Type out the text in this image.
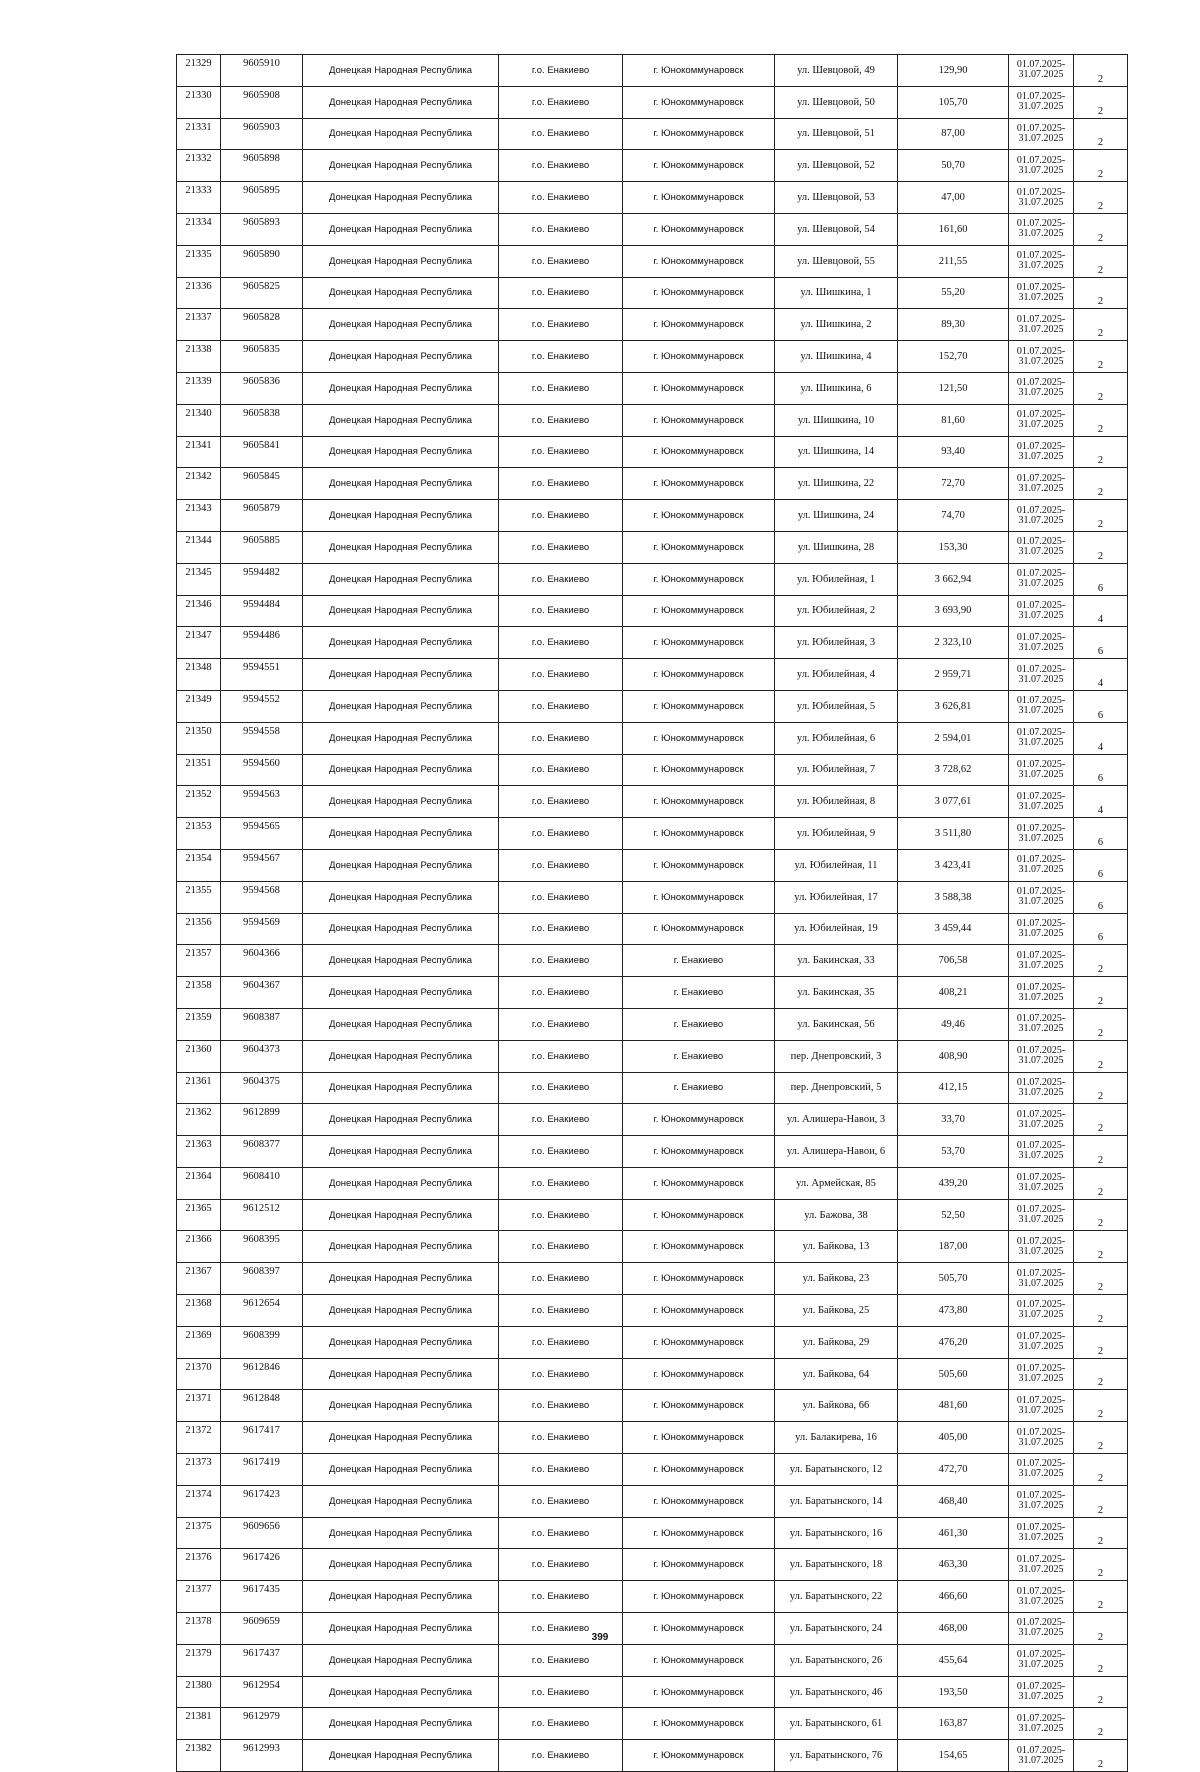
21329	9605910	Донецкая Народная Республика	г.о. Енакиево	г. Юнокоммунаровск	ул. Шевцовой, 49	129,90	01.07.2025-
31.07.2025	2
21330	9605908	Донецкая Народная Республика	г.о. Енакиево	г. Юнокоммунаровск	ул. Шевцовой, 50	105,70	01.07.2025-
31.07.2025	2
21331	9605903	Донецкая Народная Республика	г.о. Енакиево	г. Юнокоммунаровск	ул. Шевцовой, 51	87,00	01.07.2025-
31.07.2025	2
21332	9605898	Донецкая Народная Республика	г.о. Енакиево	г. Юнокоммунаровск	ул. Шевцовой, 52	50,70	01.07.2025-
31.07.2025	2
21333	9605895	Донецкая Народная Республика	г.о. Енакиево	г. Юнокоммунаровск	ул. Шевцовой, 53	47,00	01.07.2025-
31.07.2025	2
21334	9605893	Донецкая Народная Республика	г.о. Енакиево	г. Юнокоммунаровск	ул. Шевцовой, 54	161,60	01.07.2025-
31.07.2025	2
21335	9605890	Донецкая Народная Республика	г.о. Енакиево	г. Юнокоммунаровск	ул. Шевцовой, 55	211,55	01.07.2025-
31.07.2025	2
21336	9605825	Донецкая Народная Республика	г.о. Енакиево	г. Юнокоммунаровск	ул. Шишкина, 1	55,20	01.07.2025-
31.07.2025	2
21337	9605828	Донецкая Народная Республика	г.о. Енакиево	г. Юнокоммунаровск	ул. Шишкина, 2	89,30	01.07.2025-
31.07.2025	2
21338	9605835	Донецкая Народная Республика	г.о. Енакиево	г. Юнокоммунаровск	ул. Шишкина, 4	152,70	01.07.2025-
31.07.2025	2
21339	9605836	Донецкая Народная Республика	г.о. Енакиево	г. Юнокоммунаровск	ул. Шишкина, 6	121,50	01.07.2025-
31.07.2025	2
21340	9605838	Донецкая Народная Республика	г.о. Енакиево	г. Юнокоммунаровск	ул. Шишкина, 10	81,60	01.07.2025-
31.07.2025	2
21341	9605841	Донецкая Народная Республика	г.о. Енакиево	г. Юнокоммунаровск	ул. Шишкина, 14	93,40	01.07.2025-
31.07.2025	2
21342	9605845	Донецкая Народная Республика	г.о. Енакиево	г. Юнокоммунаровск	ул. Шишкина, 22	72,70	01.07.2025-
31.07.2025	2
21343	9605879	Донецкая Народная Республика	г.о. Енакиево	г. Юнокоммунаровск	ул. Шишкина, 24	74,70	01.07.2025-
31.07.2025	2
21344	9605885	Донецкая Народная Республика	г.о. Енакиево	г. Юнокоммунаровск	ул. Шишкина, 28	153,30	01.07.2025-
31.07.2025	2
21345	9594482	Донецкая Народная Республика	г.о. Енакиево	г. Юнокоммунаровск	ул. Юбилейная, 1	3 662,94	01.07.2025-
31.07.2025	6
21346	9594484	Донецкая Народная Республика	г.о. Енакиево	г. Юнокоммунаровск	ул. Юбилейная, 2	3 693,90	01.07.2025-
31.07.2025	4
21347	9594486	Донецкая Народная Республика	г.о. Енакиево	г. Юнокоммунаровск	ул. Юбилейная, 3	2 323,10	01.07.2025-
31.07.2025	6
21348	9594551	Донецкая Народная Республика	г.о. Енакиево	г. Юнокоммунаровск	ул. Юбилейная, 4	2 959,71	01.07.2025-
31.07.2025	4
21349	9594552	Донецкая Народная Республика	г.о. Енакиево	г. Юнокоммунаровск	ул. Юбилейная, 5	3 626,81	01.07.2025-
31.07.2025	6
21350	9594558	Донецкая Народная Республика	г.о. Енакиево	г. Юнокоммунаровск	ул. Юбилейная, 6	2 594,01	01.07.2025-
31.07.2025	4
21351	9594560	Донецкая Народная Республика	г.о. Енакиево	г. Юнокоммунаровск	ул. Юбилейная, 7	3 728,62	01.07.2025-
31.07.2025	6
21352	9594563	Донецкая Народная Республика	г.о. Енакиево	г. Юнокоммунаровск	ул. Юбилейная, 8	3 077,61	01.07.2025-
31.07.2025	4
21353	9594565	Донецкая Народная Республика	г.о. Енакиево	г. Юнокоммунаровск	ул. Юбилейная, 9	3 511,80	01.07.2025-
31.07.2025	6
21354	9594567	Донецкая Народная Республика	г.о. Енакиево	г. Юнокоммунаровск	ул. Юбилейная, 11	3 423,41	01.07.2025-
31.07.2025	6
21355	9594568	Донецкая Народная Республика	г.о. Енакиево	г. Юнокоммунаровск	ул. Юбилейная, 17	3 588,38	01.07.2025-
31.07.2025	6
21356	9594569	Донецкая Народная Республика	г.о. Енакиево	г. Юнокоммунаровск	ул. Юбилейная, 19	3 459,44	01.07.2025-
31.07.2025	6
21357	9604366	Донецкая Народная Республика	г.о. Енакиево	г. Енакиево	ул. Бакинская, 33	706,58	01.07.2025-
31.07.2025	2
21358	9604367	Донецкая Народная Республика	г.о. Енакиево	г. Енакиево	ул. Бакинская, 35	408,21	01.07.2025-
31.07.2025	2
21359	9608387	Донецкая Народная Республика	г.о. Енакиево	г. Енакиево	ул. Бакинская, 56	49,46	01.07.2025-
31.07.2025	2
21360	9604373	Донецкая Народная Республика	г.о. Енакиево	г. Енакиево	пер. Днепровский, 3	408,90	01.07.2025-
31.07.2025	2
21361	9604375	Донецкая Народная Республика	г.о. Енакиево	г. Енакиево	пер. Днепровский, 5	412,15	01.07.2025-
31.07.2025	2
21362	9612899	Донецкая Народная Республика	г.о. Енакиево	г. Юнокоммунаровск	ул. Алишера-Навои, 3	33,70	01.07.2025-
31.07.2025	2
21363	9608377	Донецкая Народная Республика	г.о. Енакиево	г. Юнокоммунаровск	ул. Алишера-Навои, 6	53,70	01.07.2025-
31.07.2025	2
21364	9608410	Донецкая Народная Республика	г.о. Енакиево	г. Юнокоммунаровск	ул. Армейская, 85	439,20	01.07.2025-
31.07.2025	2
21365	9612512	Донецкая Народная Республика	г.о. Енакиево	г. Юнокоммунаровск	ул. Бажова, 38	52,50	01.07.2025-
31.07.2025	2
21366	9608395	Донецкая Народная Республика	г.о. Енакиево	г. Юнокоммунаровск	ул. Байкова, 13	187,00	01.07.2025-
31.07.2025	2
21367	9608397	Донецкая Народная Республика	г.о. Енакиево	г. Юнокоммунаровск	ул. Байкова, 23	505,70	01.07.2025-
31.07.2025	2
21368	9612654	Донецкая Народная Республика	г.о. Енакиево	г. Юнокоммунаровск	ул. Байкова, 25	473,80	01.07.2025-
31.07.2025	2
21369	9608399	Донецкая Народная Республика	г.о. Енакиево	г. Юнокоммунаровск	ул. Байкова, 29	476,20	01.07.2025-
31.07.2025	2
21370	9612846	Донецкая Народная Республика	г.о. Енакиево	г. Юнокоммунаровск	ул. Байкова, 64	505,60	01.07.2025-
31.07.2025	2
21371	9612848	Донецкая Народная Республика	г.о. Енакиево	г. Юнокоммунаровск	ул. Байкова, 66	481,60	01.07.2025-
31.07.2025	2
21372	9617417	Донецкая Народная Республика	г.о. Енакиево	г. Юнокоммунаровск	ул. Балакирева, 16	405,00	01.07.2025-
31.07.2025	2
21373	9617419	Донецкая Народная Республика	г.о. Енакиево	г. Юнокоммунаровск	ул. Баратынского, 12	472,70	01.07.2025-
31.07.2025	2
21374	9617423	Донецкая Народная Республика	г.о. Енакиево	г. Юнокоммунаровск	ул. Баратынского, 14	468,40	01.07.2025-
31.07.2025	2
21375	9609656	Донецкая Народная Республика	г.о. Енакиево	г. Юнокоммунаровск	ул. Баратынского, 16	461,30	01.07.2025-
31.07.2025	2
21376	9617426	Донецкая Народная Республика	г.о. Енакиево	г. Юнокоммунаровск	ул. Баратынского, 18	463,30	01.07.2025-
31.07.2025	2
21377	9617435	Донецкая Народная Республика	г.о. Енакиево	г. Юнокоммунаровск	ул. Баратынского, 22	466,60	01.07.2025-
31.07.2025	2
21378	9609659	Донецкая Народная Республика	г.о. Енакиево	г. Юнокоммунаровск	ул. Баратынского, 24	468,00	01.07.2025-
31.07.2025	2
21379	9617437	Донецкая Народная Республика	г.о. Енакиево	г. Юнокоммунаровск	ул. Баратынского, 26	455,64	01.07.2025-
31.07.2025	2
21380	9612954	Донецкая Народная Республика	г.о. Енакиево	г. Юнокоммунаровск	ул. Баратынского, 46	193,50	01.07.2025-
31.07.2025	2
21381	9612979	Донецкая Народная Республика	г.о. Енакиево	г. Юнокоммунаровск	ул. Баратынского, 61	163,87	01.07.2025-
31.07.2025	2
21382	9612993	Донецкая Народная Республика	г.о. Енакиево	г. Юнокоммунаровск	ул. Баратынского, 76	154,65	01.07.2025-
31.07.2025	2
399
